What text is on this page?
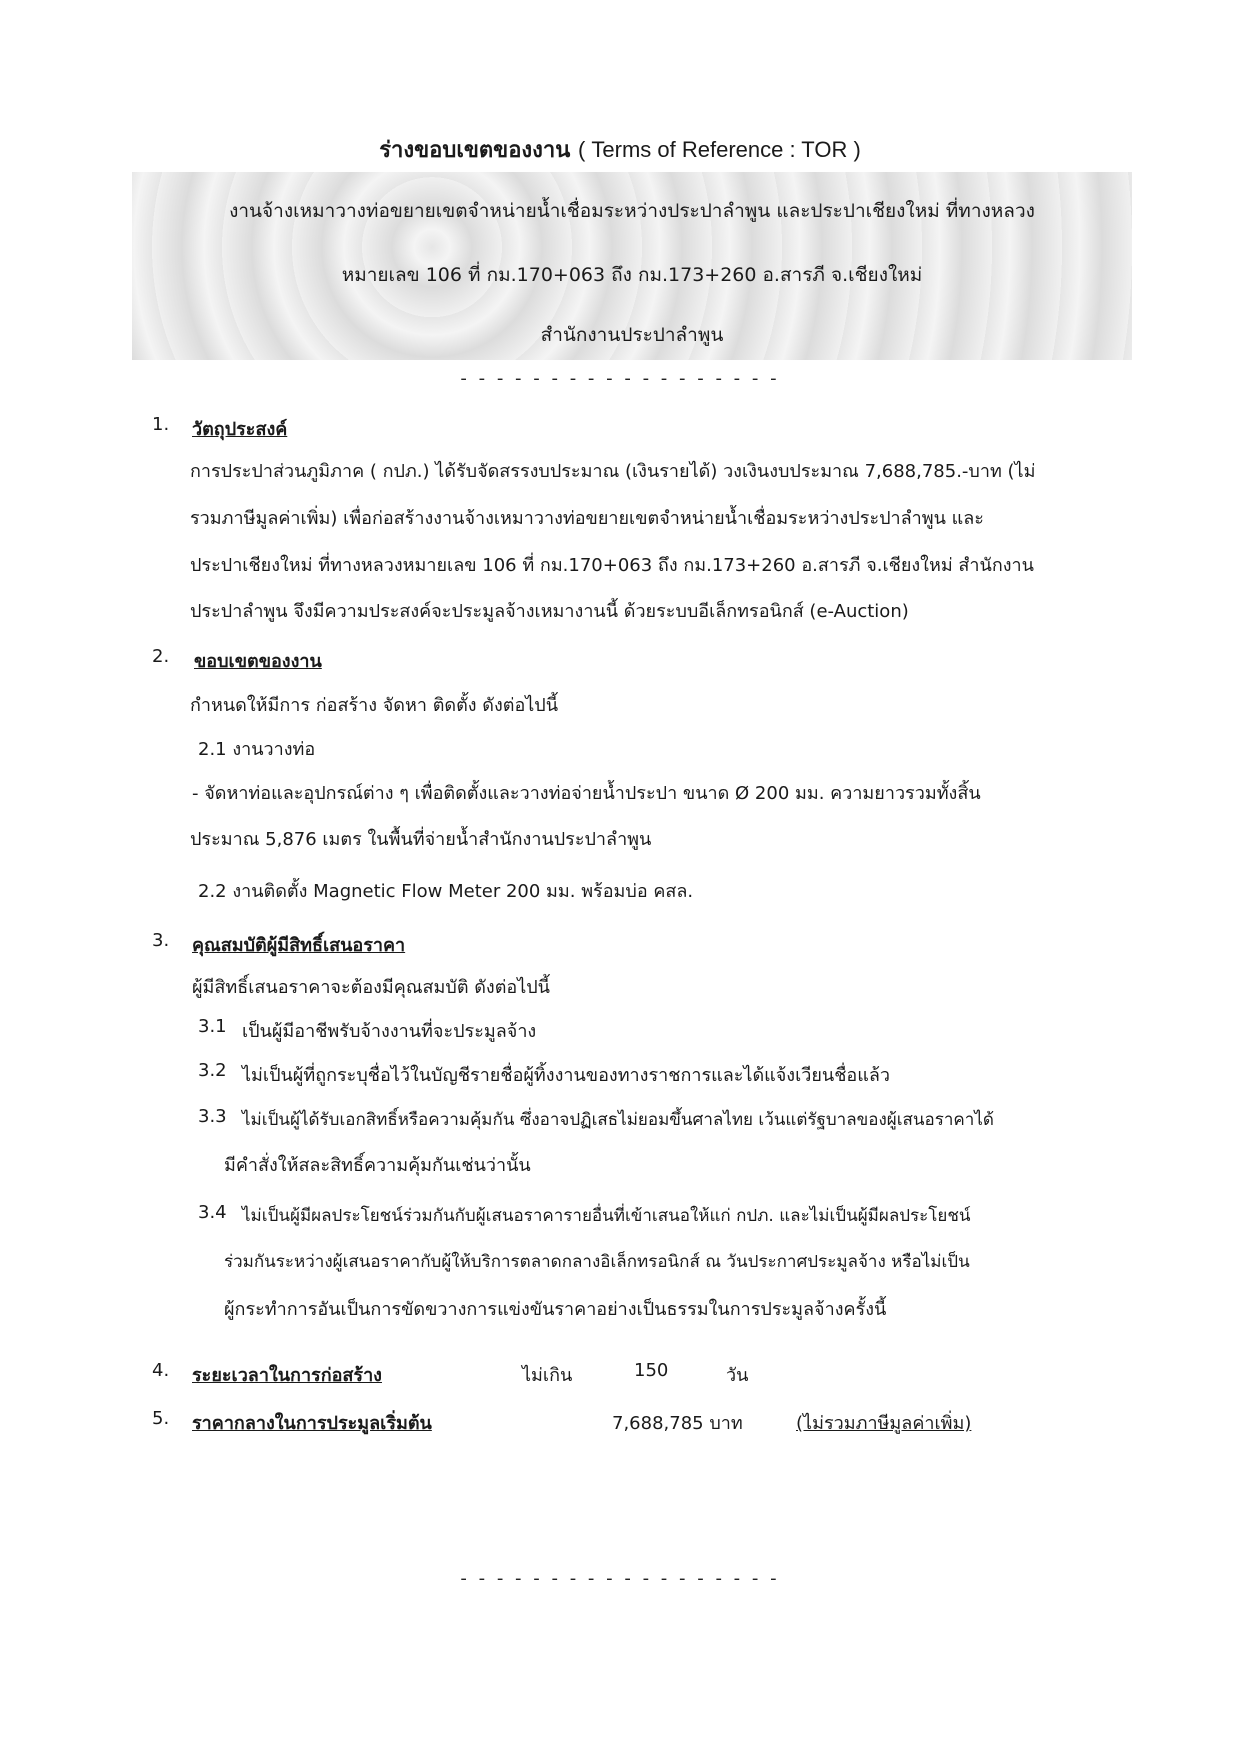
ร่างขอบเขตของงาน ( Terms of Reference : TOR )
งานจ้างเหมาวางท่อขยายเขตจำหน่ายน้ำเชื่อมระหว่างประปาลำพูน และประปาเชียงใหม่ ที่ทางหลวง
หมายเลข 106 ที่ กม.170+063 ถึง กม.173+260 อ.สารภี จ.เชียงใหม่
สำนักงานประปาลำพูน
- - - - - - - - - - - - - - - - - -
1. วัตถุประสงค์
การประปาส่วนภูมิภาค ( กปภ.) ได้รับจัดสรรงบประมาณ (เงินรายได้) วงเงินงบประมาณ 7,688,785.-บาท (ไม่
รวมภาษีมูลค่าเพิ่ม) เพื่อก่อสร้างงานจ้างเหมาวางท่อขยายเขตจำหน่ายน้ำเชื่อมระหว่างประปาลำพูน และ
ประปาเชียงใหม่ ที่ทางหลวงหมายเลข 106 ที่ กม.170+063 ถึง กม.173+260 อ.สารภี จ.เชียงใหม่ สำนักงาน
ประปาลำพูน จึงมีความประสงค์จะประมูลจ้างเหมางานนี้ ด้วยระบบอีเล็กทรอนิกส์ (e-Auction)
2. ขอบเขตของงาน
กำหนดให้มีการ ก่อสร้าง จัดหา ติดตั้ง ดังต่อไปนี้
2.1 งานวางท่อ
- จัดหาท่อและอุปกรณ์ต่าง ๆ เพื่อติดตั้งและวางท่อจ่ายน้ำประปา ขนาด Ø 200 มม. ความยาวรวมทั้งสิ้น
ประมาณ 5,876 เมตร ในพื้นที่จ่ายน้ำสำนักงานประปาลำพูน
2.2 งานติดตั้ง Magnetic Flow Meter 200 มม. พร้อมบ่อ คสล.
3. คุณสมบัติผู้มีสิทธิ์เสนอราคา
ผู้มีสิทธิ์เสนอราคาจะต้องมีคุณสมบัติ ดังต่อไปนี้
3.1 เป็นผู้มีอาชีพรับจ้างงานที่จะประมูลจ้าง
3.2 ไม่เป็นผู้ที่ถูกระบุชื่อไว้ในบัญชีรายชื่อผู้ทิ้งงานของทางราชการและได้แจ้งเวียนชื่อแล้ว
3.3 ไม่เป็นผู้ได้รับเอกสิทธิ์หรือความคุ้มกัน ซึ่งอาจปฏิเสธไม่ยอมขึ้นศาลไทย เว้นแต่รัฐบาลของผู้เสนอราคาได้
มีคำสั่งให้สละสิทธิ์ความคุ้มกันเช่นว่านั้น
3.4 ไม่เป็นผู้มีผลประโยชน์ร่วมกันกับผู้เสนอราคารายอื่นที่เข้าเสนอให้แก่ กปภ. และไม่เป็นผู้มีผลประโยชน์
ร่วมกันระหว่างผู้เสนอราคากับผู้ให้บริการตลาดกลางอิเล็กทรอนิกส์ ณ วันประกาศประมูลจ้าง หรือไม่เป็น
ผู้กระทำการอันเป็นการขัดขวางการแข่งขันราคาอย่างเป็นธรรมในการประมูลจ้างครั้งนี้
4. ระยะเวลาในการก่อสร้าง	ไม่เกิน	150	วัน
5. ราคากลางในการประมูลเริ่มต้น	7,688,785 บาท	(ไม่รวมภาษีมูลค่าเพิ่ม)
- - - - - - - - - - - - - - - - - -
